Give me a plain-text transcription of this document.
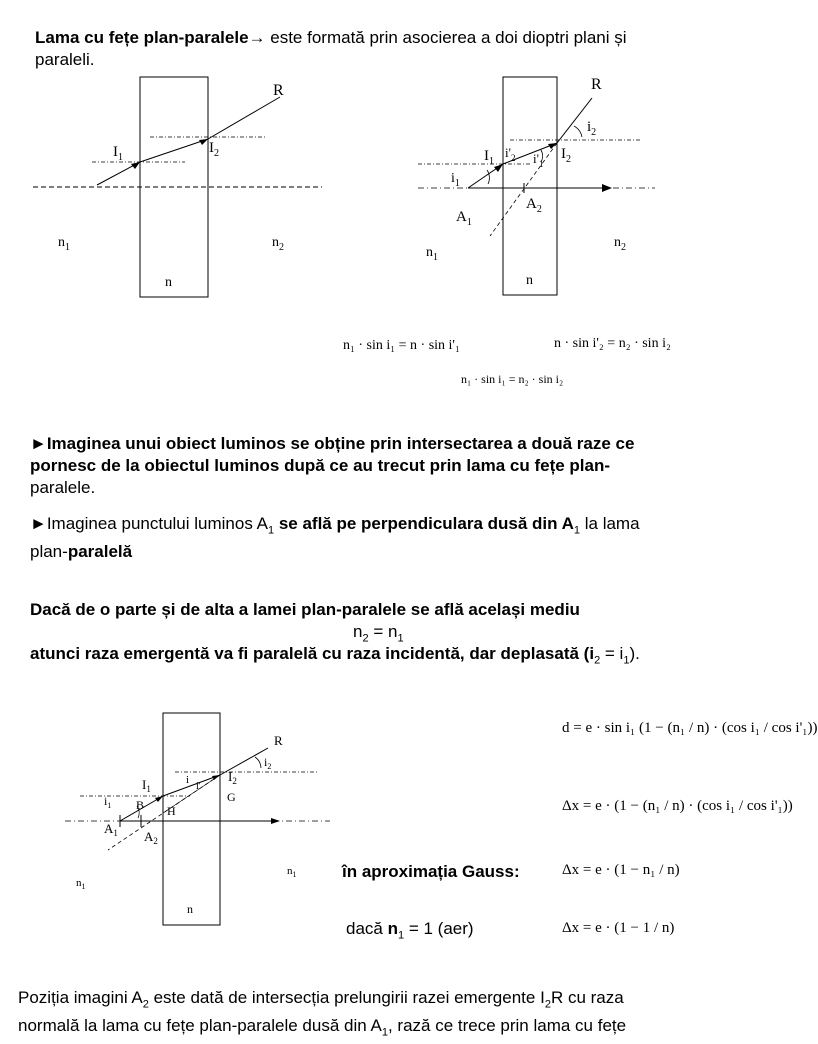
Lama cu fețe plan-paralele→ este formată prin asocierea a doi dioptri plani și
paraleli.
R
$I_1$
$I_2$
$n_1$	$n_2$
n
R
$i_2$
$I_1$
$i'_2$ $i'_1$
$I_2$
$i_1$
$A_1$
$A_2$
$n_1$
$n_2$
n
R
$i_2$
$I_1$
$I_2$
$i_1$ B H
G
i
i'
$A_1$ $A_2$
$n_1$
$n_1$
n
n₁ · sin i₁ = n · sin i'₁	n · sin i'₂ = n₂ · sin i₂
n₁ · sin i₁ = n₂ · sin i₂
►Imaginea unui obiect luminos se obține prin intersectarea a două raze ce
pornesc de la obiectul luminos după ce au trecut prin lama cu fețe plan-
paralele.
►Imaginea punctului luminos $A_1$ se află pe perpendiculara dusă din $A_1$ la lama
plan-paralelă
Dacă de o parte și de alta a lamei plan-paralele se află același mediu
$n_2 = n_1$
atunci raza emergentă va fi paralelă cu raza incidentă, dar deplasată $(i_2 = i_1)$.
d = e · sin i₁ (1 − (n₁ / n) · (cos i₁ / cos i'₁))
Δx = e · (1 − (n₁ / n) · (cos i₁ / cos i'₁))
în aproximația Gauss:	Δx = e · (1 − n₁ / n)
dacă $n_1 = 1$ (aer)	Δx = e · (1 − 1 / n)
Poziția imagini $A_2$ este dată de intersecția prelungirii razei emergente $I_2R$ cu raza
normală la lama cu fețe plan-paralele dusă din $A_1$, rază ce trece prin lama cu fețe
